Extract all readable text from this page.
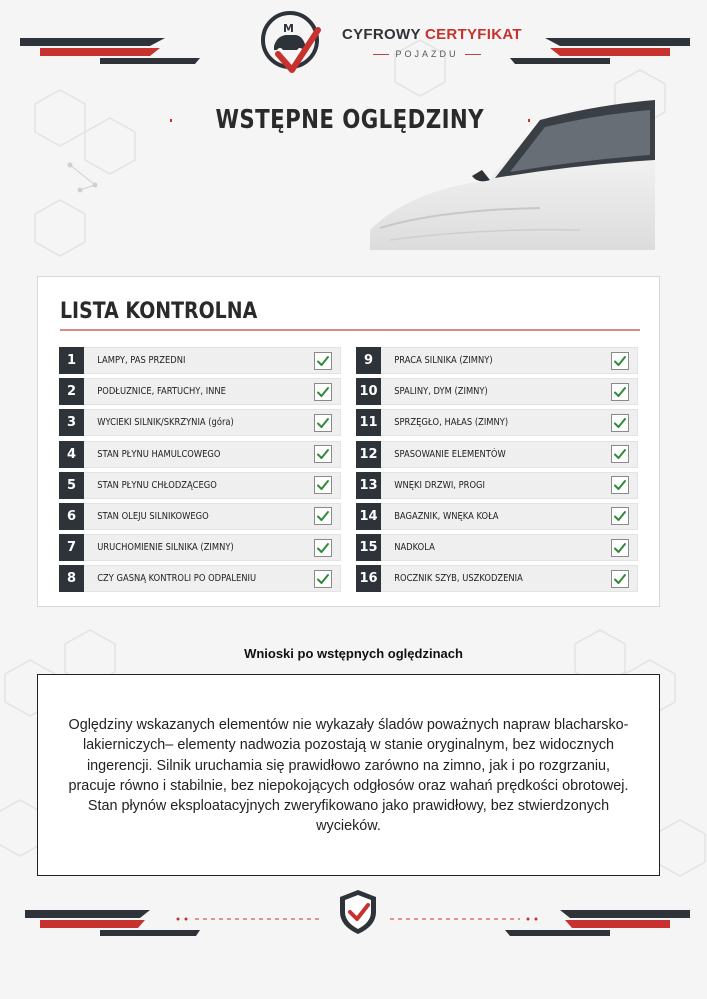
M	CYFROWY CERTYFIKAT
POJAZDU
WSTĘPNE OGLĘDZINY
LISTA KONTROLNA
1	LAMPY, PAS PRZEDNI
2	PODŁUŻNICE, FARTUCHY, INNE
3	WYCIEKI SILNIK/SKRZYNIA (góra)
4	STAN PŁYNU HAMULCOWEGO
5	STAN PŁYNU CHŁODZĄCEGO
6	STAN OLEJU SILNIKOWEGO
7	URUCHOMIENIE SILNIKA (ZIMNY)
8	CZY GASNĄ KONTROLI PO ODPALENIU
9	PRACA SILNIKA (ZIMNY)
10	SPALINY, DYM (ZIMNY)
11	SPRZĘGŁO, HAŁAS (ZIMNY)
12	SPASOWANIE ELEMENTÓW
13	WNĘKI DRZWI, PROGI
14	BAGAŻNIK, WNĘKA KOŁA
15	NADKOLA
16	ROCZNIK SZYB, USZKODZENIA
Wnioski po wstępnych oględzinach
Oględziny wskazanych elementów nie wykazały śladów poważnych napraw blacharsko-
lakierniczych– elementy nadwozia pozostają w stanie oryginalnym, bez widocznych
ingerencji. Silnik uruchamia się prawidłowo zarówno na zimno, jak i po rozgrzaniu,
pracuje równo i stabilnie, bez niepokojących odgłosów oraz wahań prędkości obrotowej.
Stan płynów eksploatacyjnych zweryfikowano jako prawidłowy, bez stwierdzonych
wycieków.
